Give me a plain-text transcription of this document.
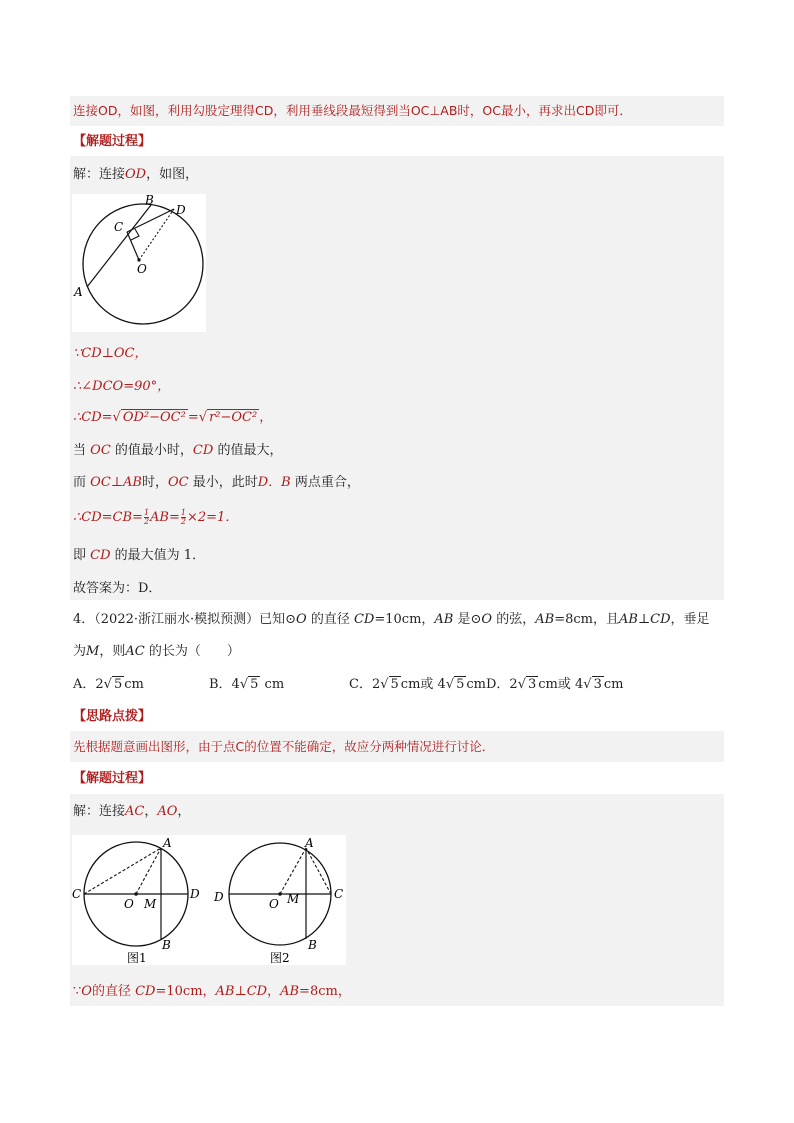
连接OD，如图，利用勾股定理得CD，利用垂线段最短得到当OC⊥AB时，OC最小，再求出CD即可．
【解题过程】
解：连接OD，如图，
A
B
C
D
O
∵CD⊥OC，
∴∠DCO=90°，
∴CD=√ OD²−OC² =√ r²−OC² ，
当 OC 的值最小时，CD 的值最大，
而 OC⊥AB时，OC 最小，此时D．B 两点重合，
∴CD=CB= $\frac{1}{2} AB= \frac{1}{2} \times 2=1$．
即 CD 的最大值为 1．
故答案为：D．
4．（2022·浙江丽水·模拟预测）已知⊙O 的直径 CD=10cm，AB 是⊙O 的弦，AB=8cm，且AB⊥CD，垂足
为M，则AC 的长为（　　）
A．2√ 5 cm	B．4√ 5 cm	C．2√ 5 cm或 4√ 5 cm D．2√ 3 cm或 4√ 3 cm
【思路点拨】
先根据题意画出图形，由于点C的位置不能确定，故应分两种情况进行讨论．
【解题过程】
解：连接AC，AO，
A
B
C	D
O M
图1
A
B
C
D	O M
图2
∵O的直径 CD=10cm，AB⊥CD，AB=8cm，
